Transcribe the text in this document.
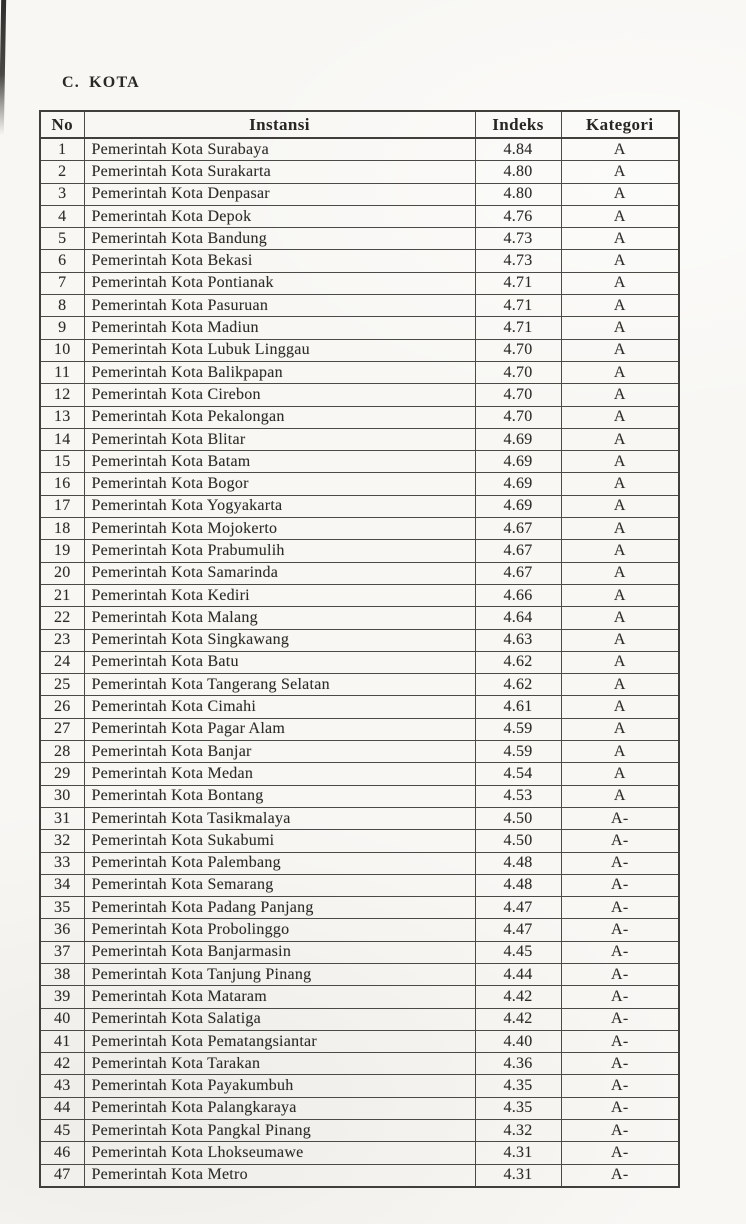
C. KOTA
No	Instansi	Indeks	Kategori
1	Pemerintah Kota Surabaya	4.84	A
2	Pemerintah Kota Surakarta	4.80	A
3	Pemerintah Kota Denpasar	4.80	A
4	Pemerintah Kota Depok	4.76	A
5	Pemerintah Kota Bandung	4.73	A
6	Pemerintah Kota Bekasi	4.73	A
7	Pemerintah Kota Pontianak	4.71	A
8	Pemerintah Kota Pasuruan	4.71	A
9	Pemerintah Kota Madiun	4.71	A
10	Pemerintah Kota Lubuk Linggau	4.70	A
11	Pemerintah Kota Balikpapan	4.70	A
12	Pemerintah Kota Cirebon	4.70	A
13	Pemerintah Kota Pekalongan	4.70	A
14	Pemerintah Kota Blitar	4.69	A
15	Pemerintah Kota Batam	4.69	A
16	Pemerintah Kota Bogor	4.69	A
17	Pemerintah Kota Yogyakarta	4.69	A
18	Pemerintah Kota Mojokerto	4.67	A
19	Pemerintah Kota Prabumulih	4.67	A
20	Pemerintah Kota Samarinda	4.67	A
21	Pemerintah Kota Kediri	4.66	A
22	Pemerintah Kota Malang	4.64	A
23	Pemerintah Kota Singkawang	4.63	A
24	Pemerintah Kota Batu	4.62	A
25	Pemerintah Kota Tangerang Selatan	4.62	A
26	Pemerintah Kota Cimahi	4.61	A
27	Pemerintah Kota Pagar Alam	4.59	A
28	Pemerintah Kota Banjar	4.59	A
29	Pemerintah Kota Medan	4.54	A
30	Pemerintah Kota Bontang	4.53	A
31	Pemerintah Kota Tasikmalaya	4.50	A-
32	Pemerintah Kota Sukabumi	4.50	A-
33	Pemerintah Kota Palembang	4.48	A-
34	Pemerintah Kota Semarang	4.48	A-
35	Pemerintah Kota Padang Panjang	4.47	A-
36	Pemerintah Kota Probolinggo	4.47	A-
37	Pemerintah Kota Banjarmasin	4.45	A-
38	Pemerintah Kota Tanjung Pinang	4.44	A-
39	Pemerintah Kota Mataram	4.42	A-
40	Pemerintah Kota Salatiga	4.42	A-
41	Pemerintah Kota Pematangsiantar	4.40	A-
42	Pemerintah Kota Tarakan	4.36	A-
43	Pemerintah Kota Payakumbuh	4.35	A-
44	Pemerintah Kota Palangkaraya	4.35	A-
45	Pemerintah Kota Pangkal Pinang	4.32	A-
46	Pemerintah Kota Lhokseumawe	4.31	A-
47	Pemerintah Kota Metro	4.31	A-
